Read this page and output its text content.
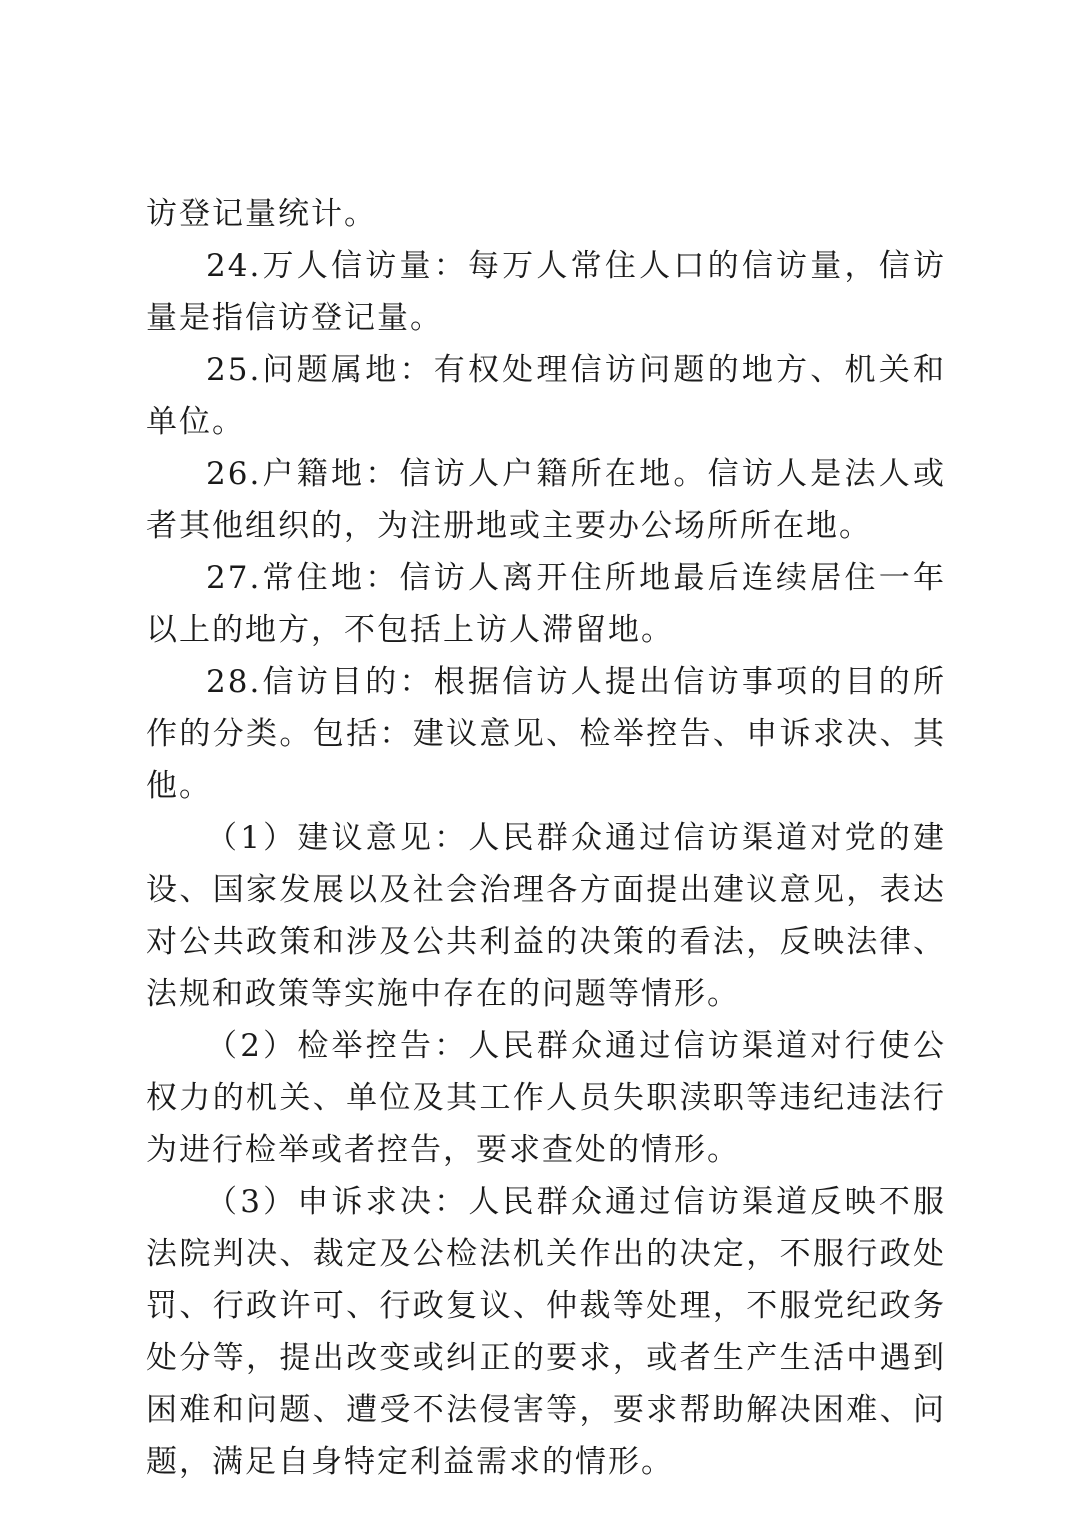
访登记量统计。

24.万人信访量：每万人常住人口的信访量，信访量是指信访登记量。

25.问题属地：有权处理信访问题的地方、机关和单位。

26.户籍地：信访人户籍所在地。信访人是法人或者其他组织的，为注册地或主要办公场所所在地。

27.常住地：信访人离开住所地最后连续居住一年以上的地方，不包括上访人滞留地。

28.信访目的：根据信访人提出信访事项的目的所作的分类。包括：建议意见、检举控告、申诉求决、其他。

（1）建议意见：人民群众通过信访渠道对党的建设、国家发展以及社会治理各方面提出建议意见，表达对公共政策和涉及公共利益的决策的看法，反映法律、法规和政策等实施中存在的问题等情形。

（2）检举控告：人民群众通过信访渠道对行使公权力的机关、单位及其工作人员失职渎职等违纪违法行为进行检举或者控告，要求查处的情形。

（3）申诉求决：人民群众通过信访渠道反映不服法院判决、裁定及公检法机关作出的决定，不服行政处罚、行政许可、行政复议、仲裁等处理，不服党纪政务处分等，提出改变或纠正的要求，或者生产生活中遇到困难和问题、遭受不法侵害等，要求帮助解决困难、问题，满足自身特定利益需求的情形。
